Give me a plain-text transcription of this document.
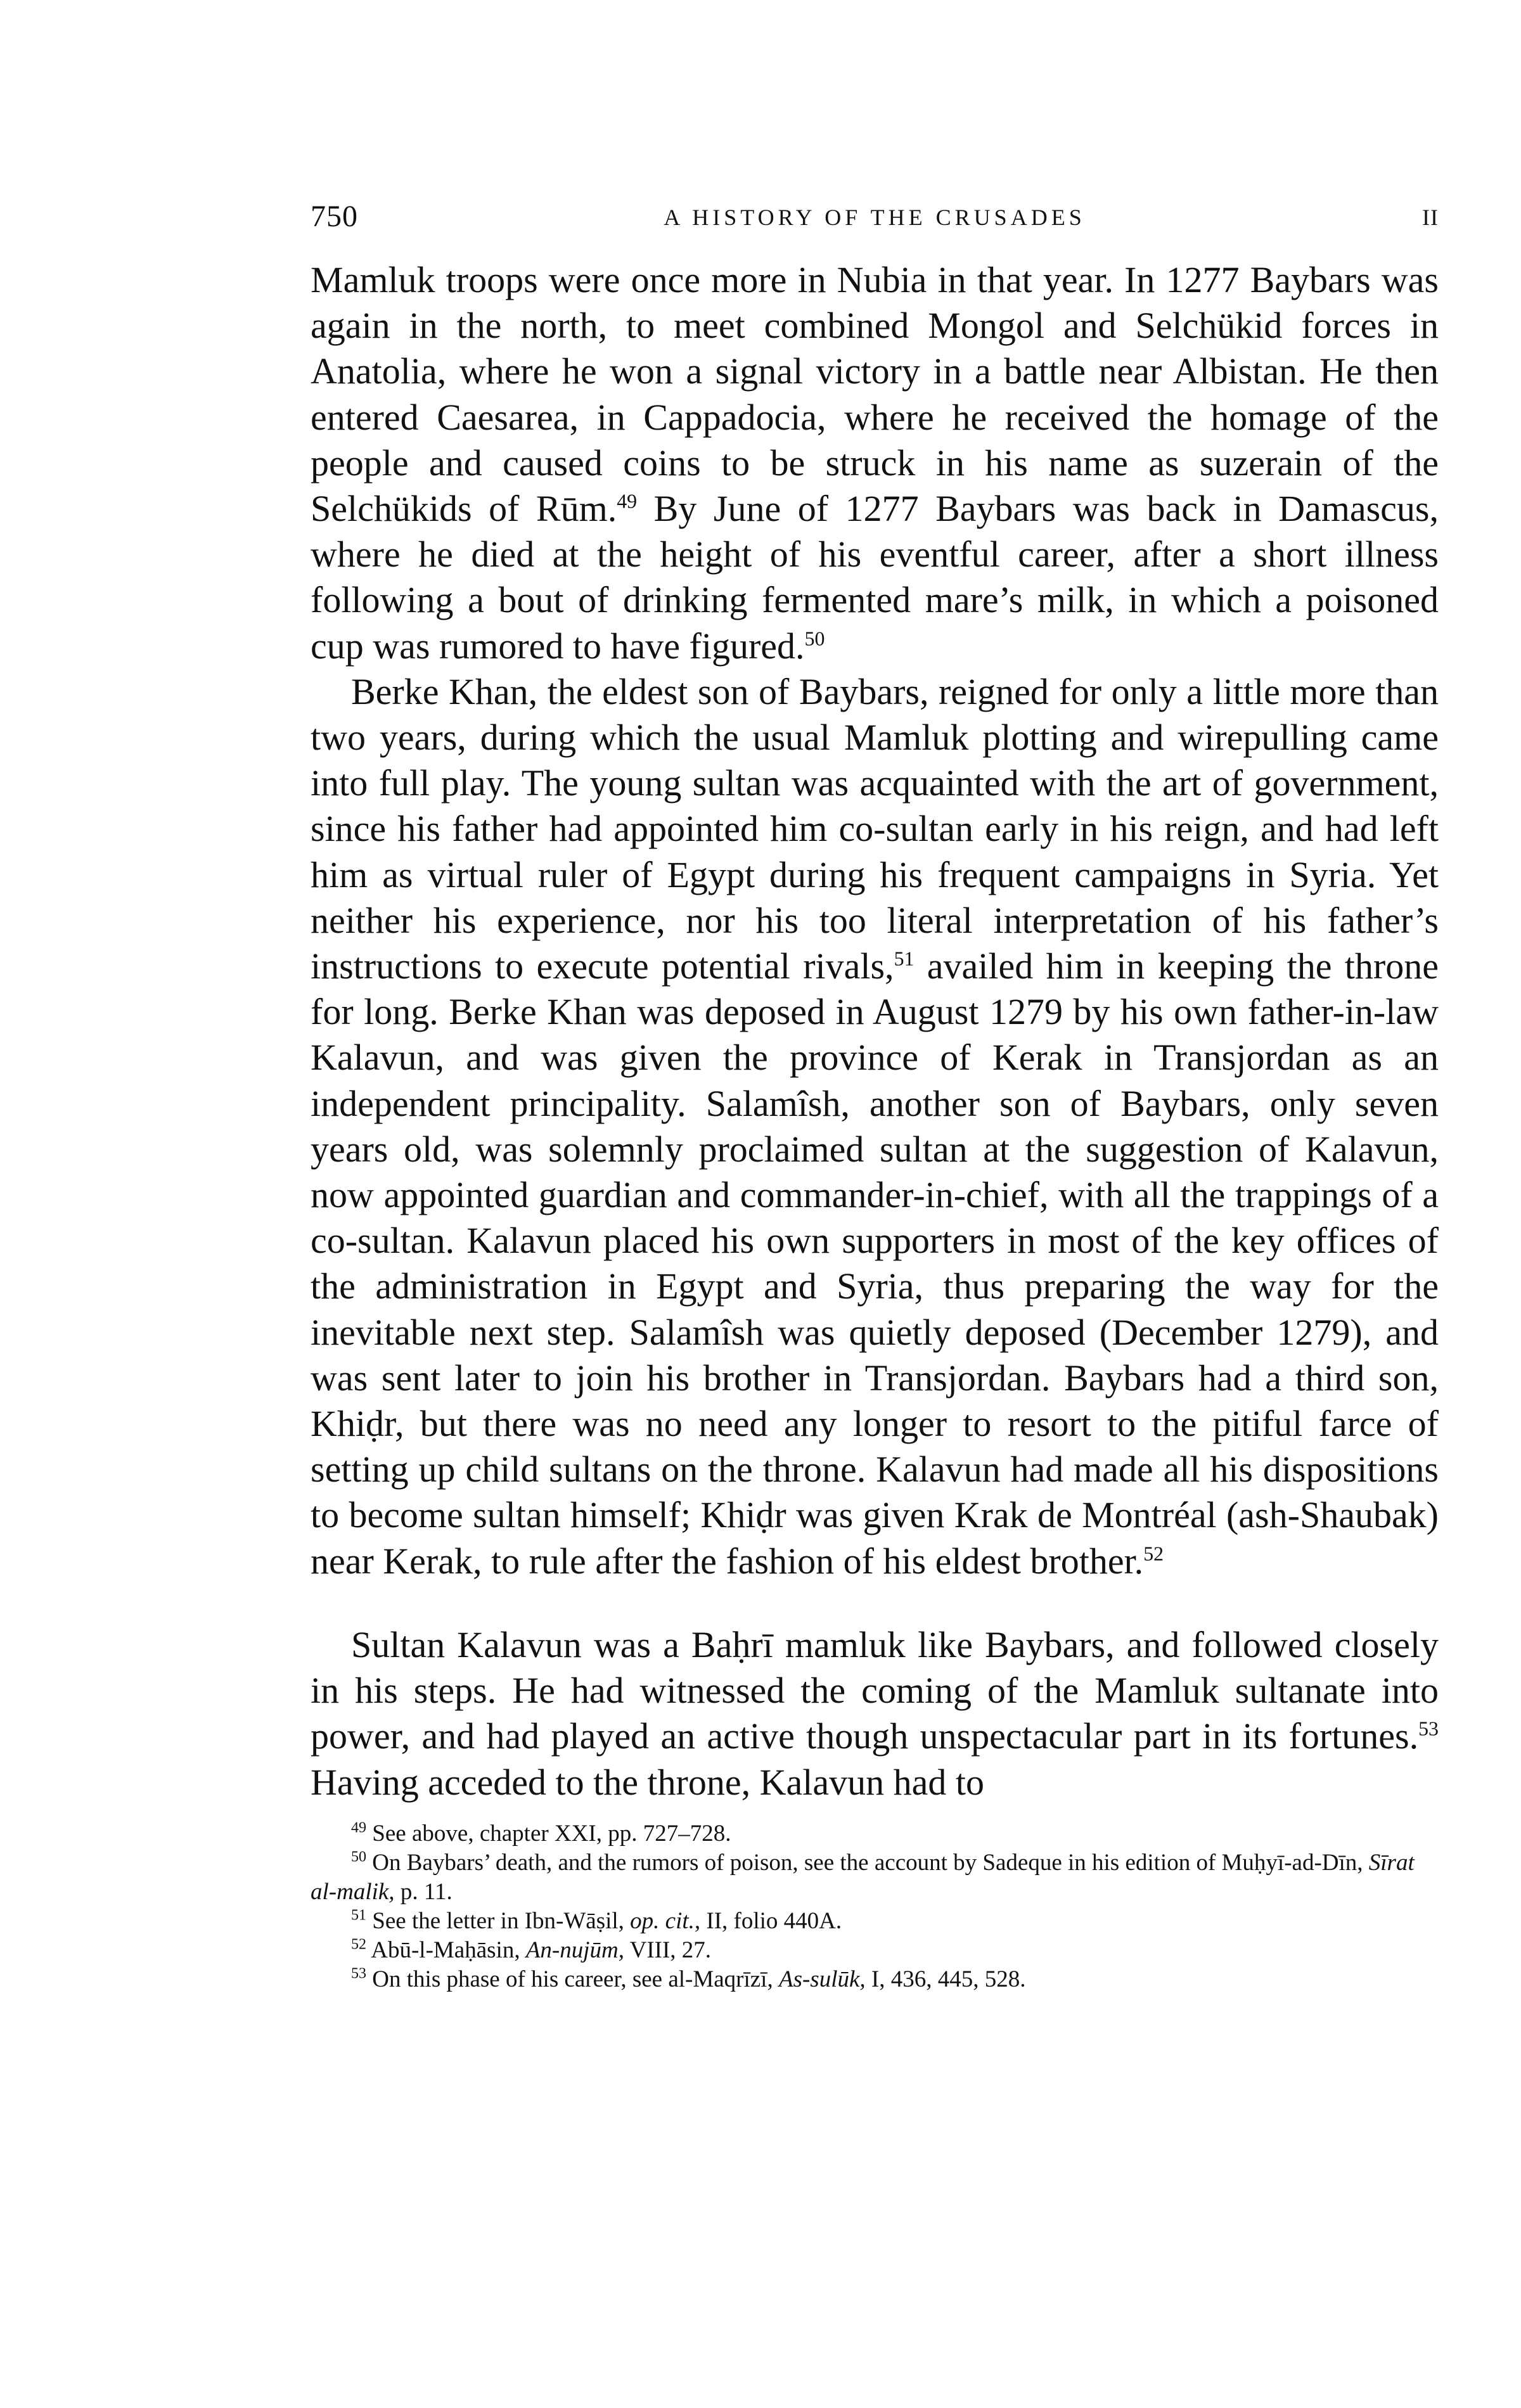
750	A HISTORY OF THE CRUSADES	II

Mamluk troops were once more in Nubia in that year. In 1277 Baybars was again in the north, to meet combined Mongol and Selchükid forces in Anatolia, where he won a signal victory in a battle near Albistan. He then entered Caesarea, in Cappadocia, where he received the homage of the people and caused coins to be struck in his name as suzerain of the Selchükids of Rūm.$^{49}$ By June of 1277 Baybars was back in Damascus, where he died at the height of his eventful career, after a short illness following a bout of drinking fermented mare’s milk, in which a poisoned cup was rumored to have figured.$^{50}$

Berke Khan, the eldest son of Baybars, reigned for only a little more than two years, during which the usual Mamluk plotting and wirepulling came into full play. The young sultan was acquainted with the art of government, since his father had appointed him co-sultan early in his reign, and had left him as virtual ruler of Egypt during his frequent campaigns in Syria. Yet neither his experience, nor his too literal interpretation of his father’s instructions to execute potential rivals,$^{51}$ availed him in keeping the throne for long. Berke Khan was deposed in August 1279 by his own father-in-law Kalavun, and was given the province of Kerak in Transjordan as an independent principality. Salamîsh, another son of Baybars, only seven years old, was solemnly proclaimed sultan at the suggestion of Kalavun, now appointed guardian and commander-in-chief, with all the trappings of a co-sultan. Kalavun placed his own supporters in most of the key offices of the administration in Egypt and Syria, thus preparing the way for the inevitable next step. Salamîsh was quietly deposed (December 1279), and was sent later to join his brother in Transjordan. Baybars had a third son, Khiḍr, but there was no need any longer to resort to the pitiful farce of setting up child sultans on the throne. Kalavun had made all his dispositions to become sultan himself; Khiḍr was given Krak de Montréal (ash-Shaubak) near Kerak, to rule after the fashion of his eldest brother.$^{52}$

Sultan Kalavun was a Baḥrī mamluk like Baybars, and followed closely in his steps. He had witnessed the coming of the Mamluk sultanate into power, and had played an active though unspectacular part in its fortunes.$^{53}$ Having acceded to the throne, Kalavun had to

$^{49}$ See above, chapter XXI, pp. 727–728.

$^{50}$ On Baybars’ death, and the rumors of poison, see the account by Sadeque in his edition of Muḥyī-ad-Dīn, Sīrat al-malik, p. 11.

$^{51}$ See the letter in Ibn-Wāṣil, op. cit., II, folio 440A.

$^{52}$ Abū-l-Maḥāsin, An-nujūm, VIII, 27.

$^{53}$ On this phase of his career, see al-Maqrīzī, As-sulūk, I, 436, 445, 528.
